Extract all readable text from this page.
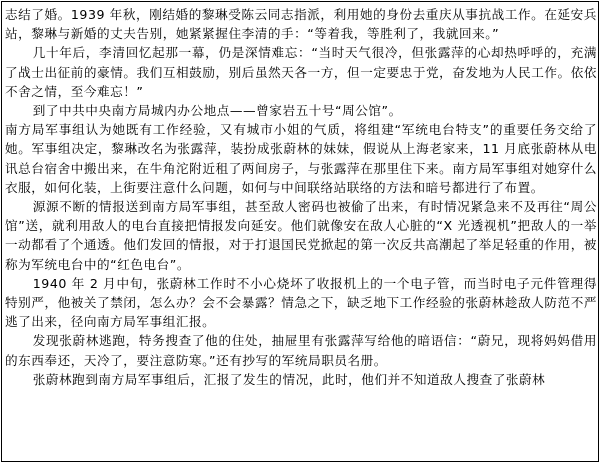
志结了婚。1939 年秋，刚结婚的黎琳受陈云同志指派，利用她的身份去重庆从事抗战工作。在延安兵站，黎琳与新婚的丈夫告别，她紧紧握住李清的手：“等着我，等胜利了，我就回来。”

几十年后，李清回忆起那一幕，仍是深情难忘：“当时天气很冷，但张露萍的心却热呼呼的，充满了战士出征前的豪情。我们互相鼓励，别后虽然天各一方，但一定要忠于党，奋发地为人民工作。依依不舍之情，至今难忘！”

到了中共中央南方局城内办公地点——曾家岩五十号“周公馆”。

南方局军事组认为她既有工作经验，又有城市小姐的气质，将组建“军统电台特支”的重要任务交给了她。军事组决定，黎琳改名为张露萍，装扮成张蔚林的妹妹，假说从上海老家来，11 月底张蔚林从电讯总台宿舍中搬出来，在牛角沱附近租了两间房子，与张露萍在那里住下来。南方局军事组对她穿什么衣服，如何化装，上街要注意什么问题，如何与中间联络站联络的方法和暗号都进行了布置。

源源不断的情报送到南方局军事组，甚至敌人密码也被偷了出来，有时情况紧急来不及再往“周公馆”送，就利用敌人的电台直接把情报发向延安。他们就像安在敌人心脏的“X 光透视机”把敌人的一举一动都看了个通透。他们发回的情报，对于打退国民党掀起的第一次反共高潮起了举足轻重的作用，被称为军统电台中的“红色电台”。

1940 年 2 月中旬，张蔚林工作时不小心烧坏了收报机上的一个电子管，而当时电子元件管理得特别严，他被关了禁闭，怎么办？会不会暴露？情急之下，缺乏地下工作经验的张蔚林趁敌人防范不严逃了出来，径向南方局军事组汇报。

发现张蔚林逃跑，特务搜查了他的住处，抽屉里有张露萍写给他的暗语信：“蔚兄，现将妈妈借用的东西奉还，天冷了，要注意防寒。”还有抄写的军统局职员名册。

张蔚林跑到南方局军事组后，汇报了发生的情况，此时，他们并不知道敌人搜查了张蔚林
